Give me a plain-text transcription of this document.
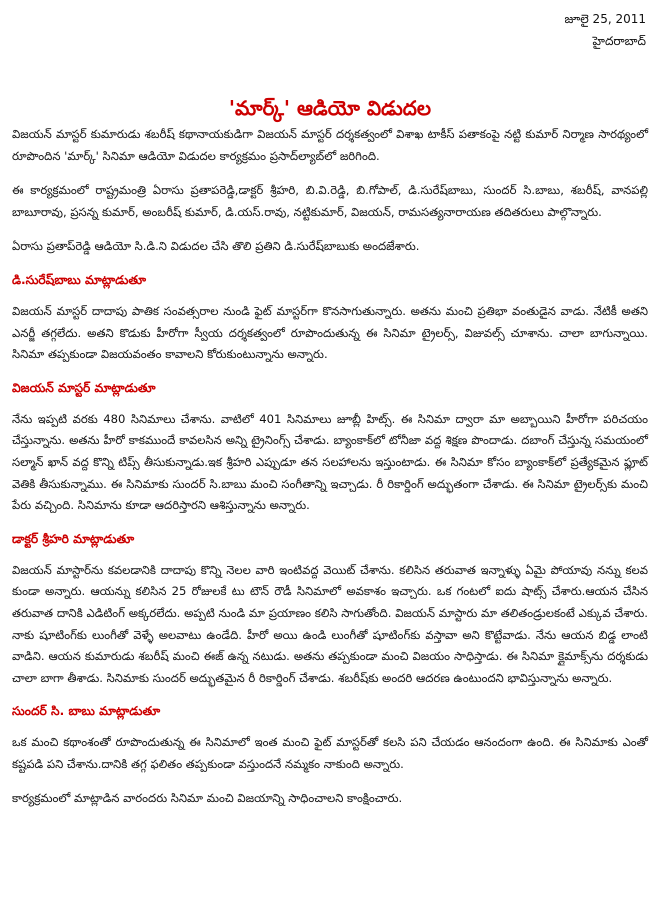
జూలై 25, 2011
హైదరాబాద్
'మార్క్' ఆడియో విడుదల

విజయన్ మాస్టర్ కుమారుడు శబరీష్ కథానాయకుడిగా విజయన్ మాస్టర్ దర్శకత్వంలో విశాఖ టాకీస్ పతాకంపై నట్టి కుమార్ నిర్మాణ సారథ్యంలో రూపొందిన 'మార్క్' సినిమా ఆడియో విడుదల కార్యక్రమం ప్రసాద్‌ల్యాబ్‌లో జరిగింది.

ఈ కార్యక్రమంలో రాష్ట్రమంత్రి ఏరాసు ప్రతాపరెడ్డి,డాక్టర్ శ్రీహరి, బి.వి.రెడ్డి, బి.గోపాల్, డి.సురేష్‌బాబు, సుందర్ సి.బాబు, శబరీష్, వానపల్లి బాబూరావు, ప్రసన్న కుమార్, అంబరీష్ కుమార్, డి.యస్.రావు, నట్టికుమార్, విజయన్, రామసత్యనారాయణ తదితరులు పాల్గొన్నారు.

ఏరాసు ప్రతాప్‌రెడ్డి ఆడియో సి.డి.ని విడుదల చేసి తొలి ప్రతిని డి.సురేష్‌బాబుకు అందజేశారు.

డి.సురేష్‌బాబు మాట్లాడుతూ

విజయన్ మాస్టర్ దాదాపు పాతిక సంవత్సరాల నుండి ఫైట్ మాస్టర్‌గా కొనసాగుతున్నారు. అతను మంచి ప్రతిభా వంతుడైన వాడు. నేటికీ అతని ఎనర్జీ తగ్గలేదు. అతని కొడుకు హీరోగా స్వీయ దర్శకత్వంలో రూపొందుతున్న ఈ సినిమా ట్రైలర్స్, విజువల్స్ చూశాను. చాలా బాగున్నాయి. సినిమా తప్పకుండా విజయవంతం కావాలని కోరుకుంటున్నాను అన్నారు.

విజయన్ మాస్టర్ మాట్లాడుతూ

నేను ఇప్పటి వరకు 480 సినిమాలు చేశాను. వాటిలో 401 సినిమాలు జూబ్లీ హిట్స్. ఈ సినిమా ద్వారా మా అబ్బాయిని హీరోగా పరిచయం చేస్తున్నాను. అతను హీరో కాకముందే కావలసిన అన్ని ట్రైనింగ్స్ చేశాడు. బ్యాంకాక్‌లో టోనీజా వద్ద శిక్షణ పొందాడు. దబాంగ్ చేస్తున్న సమయంలో సల్మాన్ ఖాన్ వద్ద కొన్ని టిప్స్ తీసుకున్నాడు.ఇక శ్రీహరి ఎప్పుడూ తన సలహాలను ఇస్తుంటాడు. ఈ సినిమా కోసం బ్యాంకాక్‌లో ప్రత్యేకమైన ఫ్లూట్ వెతికి తీసుకున్నాము. ఈ సినిమాకు సుందర్ సి.బాబు మంచి సంగీతాన్ని ఇచ్చాడు. రీ రికార్డింగ్ అద్భుతంగా చేశాడు. ఈ సినిమా ట్రైలర్స్‌కు మంచి పేరు వచ్చింది. సినిమాను కూడా ఆదరిస్తారని ఆశిస్తున్నాను అన్నారు.

డాక్టర్ శ్రీహరి మాట్లాడుతూ

విజయన్ మాస్టార్‌ను కవలడానికి దాదాపు కొన్ని నెలల వారి ఇంటివద్ద వెయిట్ చేశాను. కలిసిన తరువాత ఇన్నాళ్ళు ఏమై పోయావు నన్ను కలవ కుండా అన్నారు. ఆయన్ను కలిసిన 25 రోజులకే టు టౌన్ రౌడీ సినిమాలో అవకాశం ఇచ్చారు. ఒక గంటలో ఐదు షాట్స్ చేశారు.ఆయన చేసిన తరువాత దానికి ఎడిటింగ్ అక్కరలేదు. అప్పటి నుండి మా ప్రయాణం కలిసి సాగుతోంది. విజయన్ మాస్టారు మా తలితండ్రులకంటే ఎక్కువ చేశారు. నాకు షూటింగ్‌కు లుంగీతో వెళ్ళే అలవాటు ఉండేది. హీరో అయి ఉండి లుంగీతో షూటింగ్‌కు వస్తావా అని కొట్టేవాడు. నేను ఆయన బిడ్డ లాంటి వాడిని. ఆయన కుమారుడు శబరీష్ మంచి ఈజ్ ఉన్న నటుడు. అతను తప్పకుండా మంచి విజయం సాధిస్తాడు. ఈ సినిమా క్లైమాక్స్‌ను దర్శకుడు చాలా బాగా తీశాడు. సినిమాకు సుందర్ అద్భుతమైన రీ రికార్డింగ్ చేశాడు. శబరీష్‌కు అందరి ఆదరణ ఉంటుందని భావిస్తున్నాను అన్నారు.

సుందర్ సి. బాబు మాట్లాడుతూ

ఒక మంచి కథాంశంతో రూపొందుతున్న ఈ సినిమాలో ఇంత మంచి ఫైట్ మాస్టర్‌తో కలసి పని చేయడం ఆనందంగా ఉంది. ఈ సినిమాకు ఎంతో కష్టపడి పని చేశాను.దానికి తగ్గ ఫలితం తప్పకుండా వస్తుందనే నమ్మకం నాకుంది అన్నారు.

కార్యక్రమంలో మాట్లాడిన వారందరు సినిమా మంచి విజయాన్ని సాధించాలని కాంక్షించారు.
